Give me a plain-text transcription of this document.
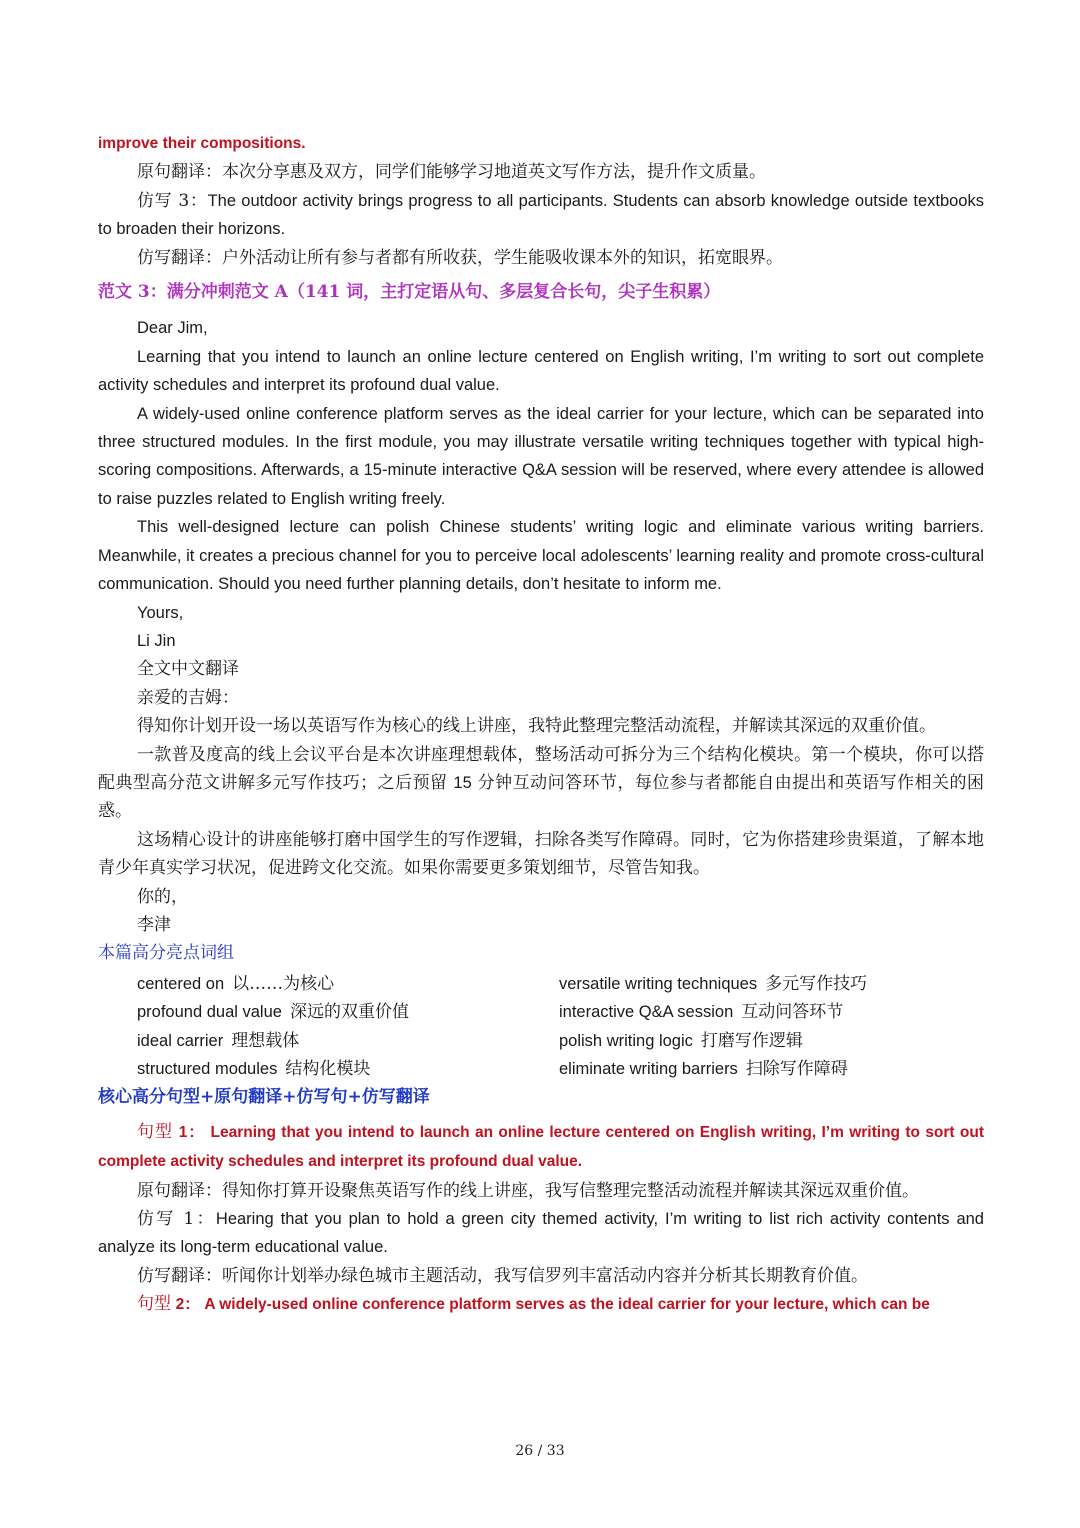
improve their compositions.

原句翻译：本次分享惠及双方，同学们能够学习地道英文写作方法，提升作文质量。

仿写 3：The outdoor activity brings progress to all participants. Students can absorb knowledge outside textbooks to broaden their horizons.

仿写翻译：户外活动让所有参与者都有所收获，学生能吸收课本外的知识，拓宽眼界。

范文 3：满分冲刺范文 A（141 词，主打定语从句、多层复合长句，尖子生积累）

Dear Jim,

Learning that you intend to launch an online lecture centered on English writing, I’m writing to sort out complete activity schedules and interpret its profound dual value.

A widely-used online conference platform serves as the ideal carrier for your lecture, which can be separated into three structured modules. In the first module, you may illustrate versatile writing techniques together with typical high-scoring compositions. Afterwards, a 15-minute interactive Q&A session will be reserved, where every attendee is allowed to raise puzzles related to English writing freely.

This well-designed lecture can polish Chinese students’ writing logic and eliminate various writing barriers. Meanwhile, it creates a precious channel for you to perceive local adolescents’ learning reality and promote cross-cultural communication. Should you need further planning details, don’t hesitate to inform me.

Yours,

Li Jin

全文中文翻译

亲爱的吉姆：

得知你计划开设一场以英语写作为核心的线上讲座，我特此整理完整活动流程，并解读其深远的双重价值。

一款普及度高的线上会议平台是本次讲座理想载体，整场活动可拆分为三个结构化模块。第一个模块，你可以搭配典型高分范文讲解多元写作技巧；之后预留 15 分钟互动问答环节，每位参与者都能自由提出和英语写作相关的困惑。

这场精心设计的讲座能够打磨中国学生的写作逻辑，扫除各类写作障碍。同时，它为你搭建珍贵渠道，了解本地青少年真实学习状况，促进跨文化交流。如果你需要更多策划细节，尽管告知我。

你的，

李津

本篇高分亮点词组

centered on 以……为核心	versatile writing techniques 多元写作技巧
profound dual value 深远的双重价值	interactive Q&A session 互动问答环节
ideal carrier 理想载体	polish writing logic 打磨写作逻辑
structured modules 结构化模块	eliminate writing barriers 扫除写作障碍

核心高分句型+原句翻译+仿写句+仿写翻译

句型 1： Learning that you intend to launch an online lecture centered on English writing, I’m writing to sort out complete activity schedules and interpret its profound dual value.

原句翻译：得知你打算开设聚焦英语写作的线上讲座，我写信整理完整活动流程并解读其深远双重价值。

仿写 1：Hearing that you plan to hold a green city themed activity, I’m writing to list rich activity contents and analyze its long-term educational value.

仿写翻译：听闻你计划举办绿色城市主题活动，我写信罗列丰富活动内容并分析其长期教育价值。

句型 2： A widely-used online conference platform serves as the ideal carrier for your lecture, which can be

26 / 33
